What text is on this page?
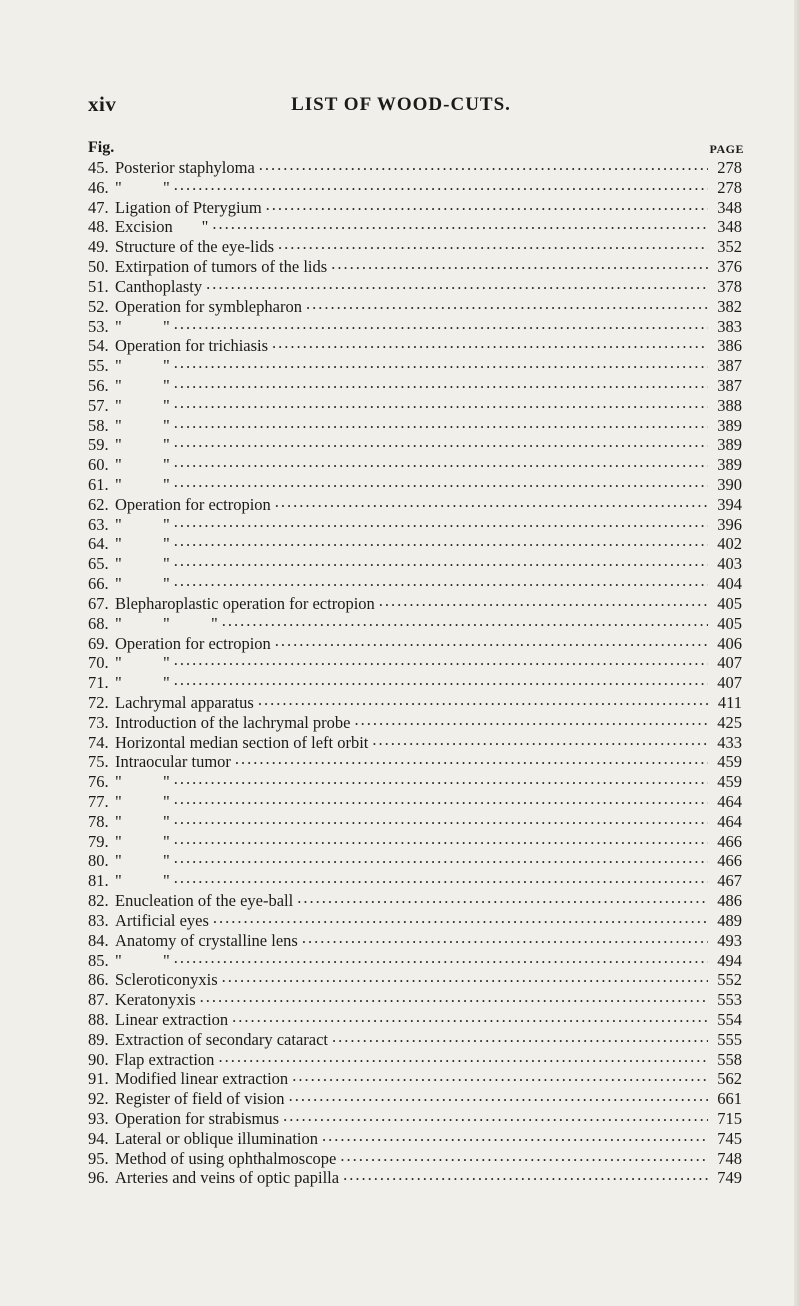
xiv	LIST OF WOOD-CUTS.
Fig.	PAGE
45. Posterior staphyloma .....	278
46. "          " .....	278
47. Ligation of Pterygium .....	348
48. Excision       " .....	348
49. Structure of the eye-lids .....	352
50. Extirpation of tumors of the lids .....	376
51. Canthoplasty .....	378
52. Operation for symblepharon .....	382
53. "          " .....	383
54. Operation for trichiasis .....	386
55. "          " .....	387
56. "          " .....	387
57. "          " .....	388
58. "          " .....	389
59. "          " .....	389
60. "          " .....	389
61. "          " .....	390
62. Operation for ectropion .....	394
63. "          " .....	396
64. "          " .....	402
65. "          " .....	403
66. "          " .....	404
67. Blepharoplastic operation for ectropion .....	405
68. "          "          " .....	405
69. Operation for ectropion .....	406
70. "          " .....	407
71. "          " .....	407
72. Lachrymal apparatus .....	411
73. Introduction of the lachrymal probe .....	425
74. Horizontal median section of left orbit .....	433
75. Intraocular tumor .....	459
76. "          " .....	459
77. "          " .....	464
78. "          " .....	464
79. "          " .....	466
80. "          " .....	466
81. "          " .....	467
82. Enucleation of the eye-ball .....	486
83. Artificial eyes .....	489
84. Anatomy of crystalline lens .....	493
85. "          " .....	494
86. Scleroticonyxis .....	552
87. Keratonyxis .....	553
88. Linear extraction .....	554
89. Extraction of secondary cataract .....	555
90. Flap extraction .....	558
91. Modified linear extraction .....	562
92. Register of field of vision .....	661
93. Operation for strabismus .....	715
94. Lateral or oblique illumination .....	745
95. Method of using ophthalmoscope .....	748
96. Arteries and veins of optic papilla .....	749
